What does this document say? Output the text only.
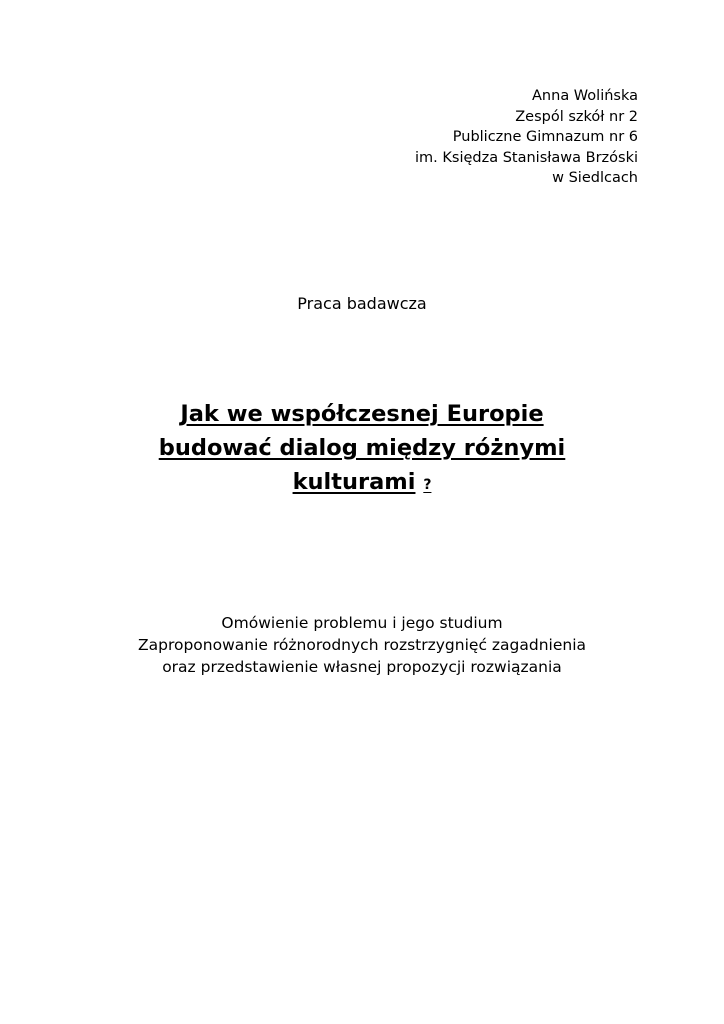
Anna Wolińska
Zespól szkół nr 2
Publiczne Gimnazum nr 6
im. Księdza Stanisława Brzóski
w Siedlcach
Praca badawcza
Jak we współczesnej Europie
budować dialog między różnymi
kulturami ?
Omówienie problemu i jego studium
Zaproponowanie różnorodnych rozstrzygnięć zagadnienia
oraz przedstawienie własnej propozycji rozwiązania
